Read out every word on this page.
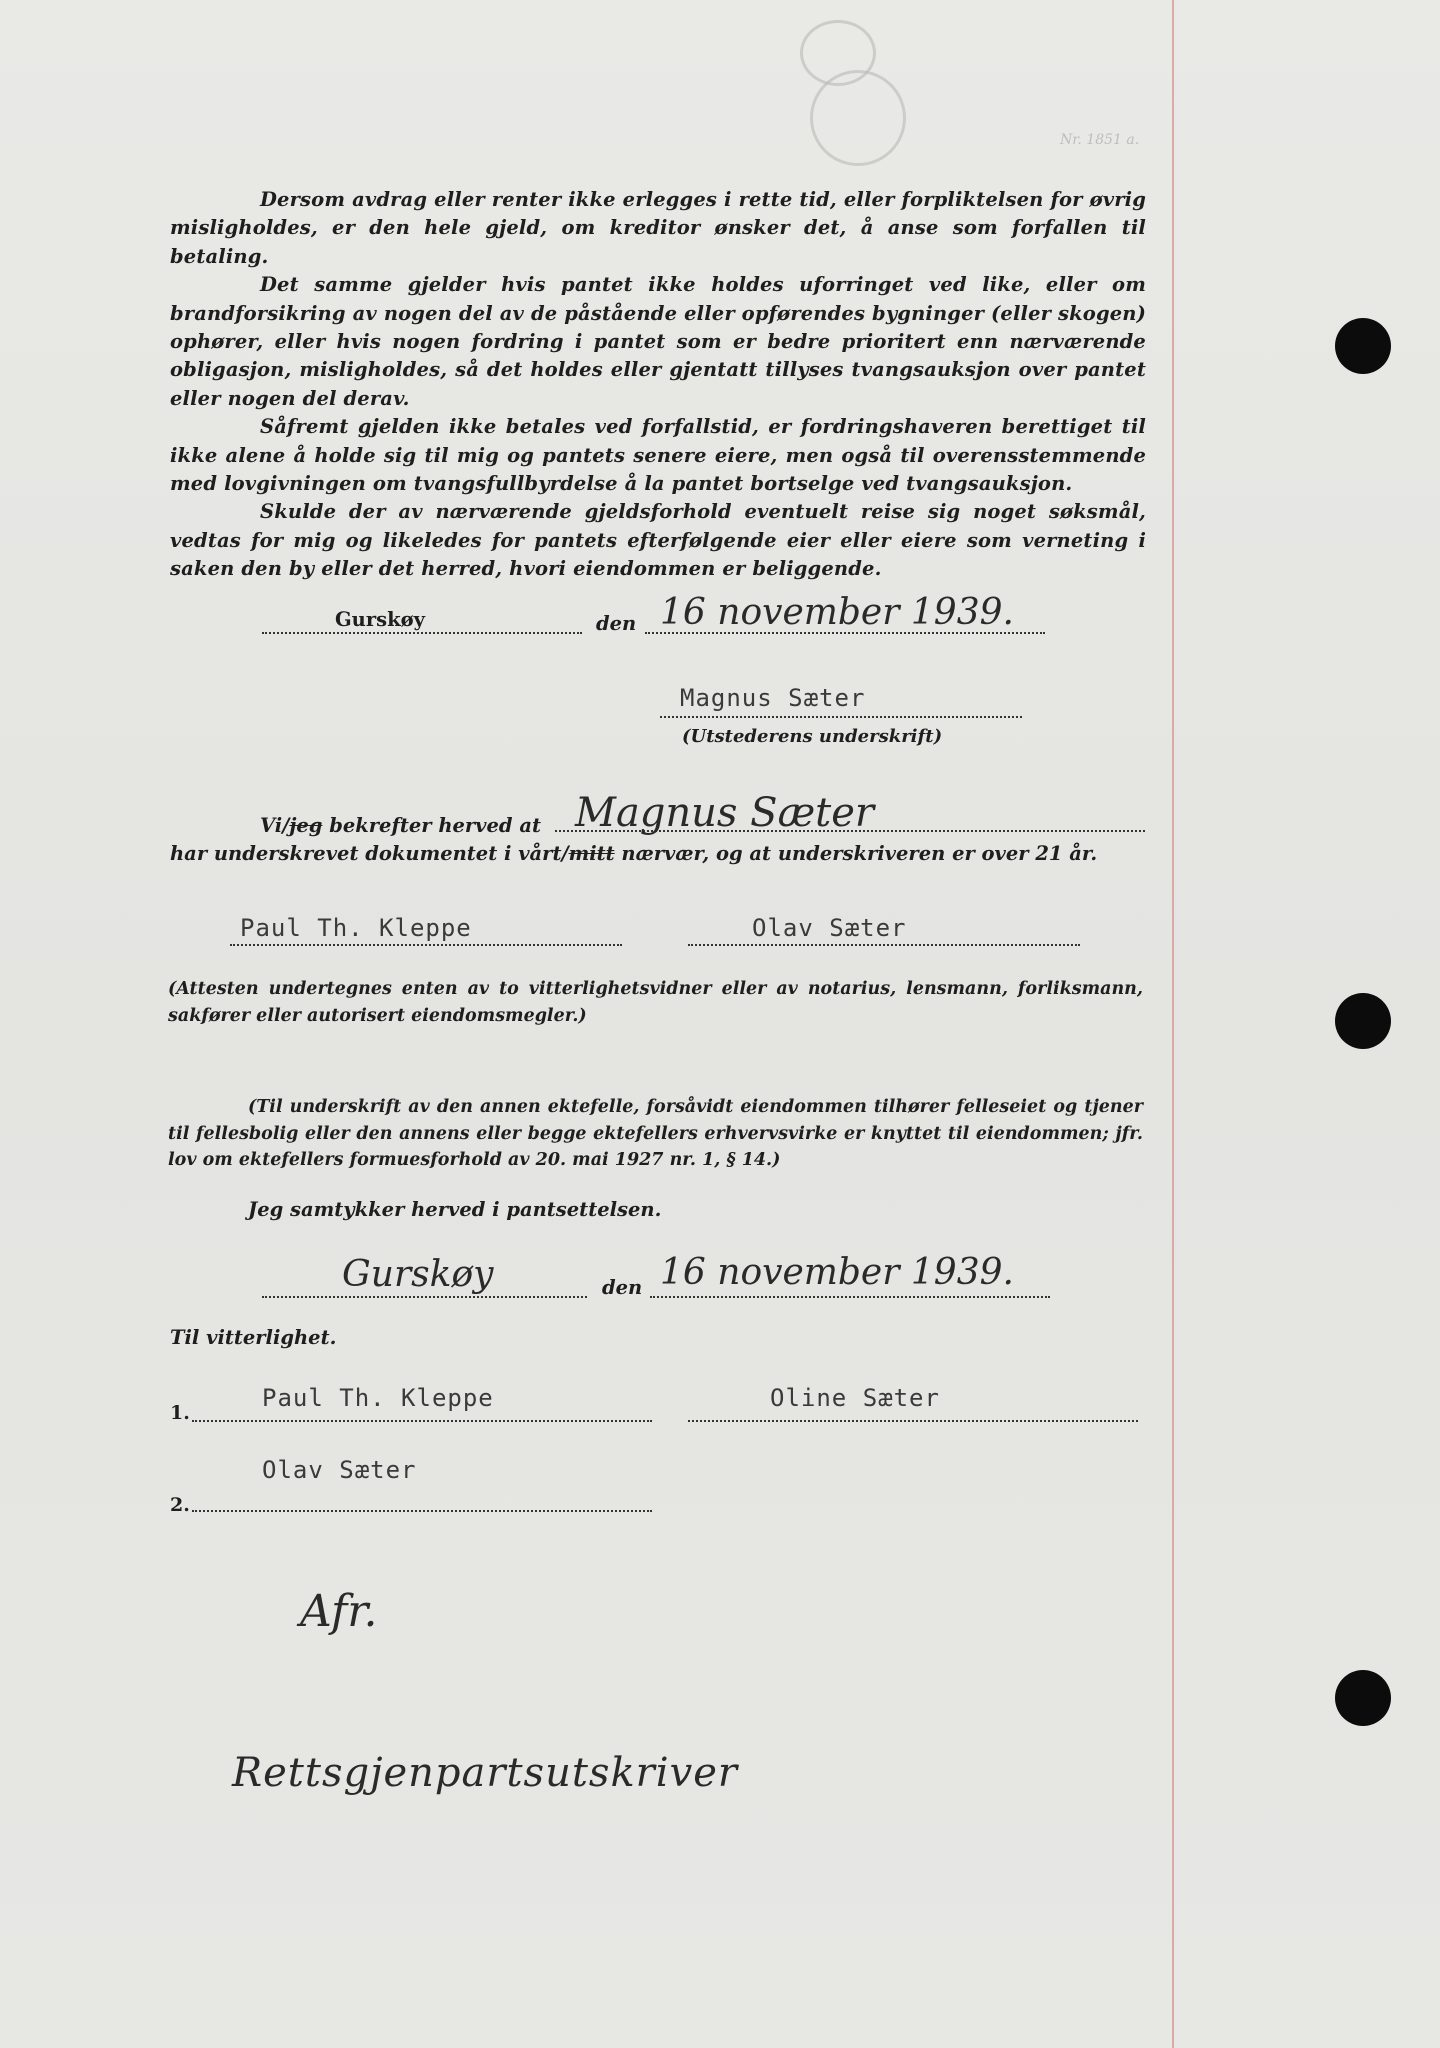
Nr. 1851 a.

Dersom avdrag eller renter ikke erlegges i rette tid, eller forpliktelsen for øvrig misligholdes, er den hele gjeld, om kreditor ønsker det, å anse som forfallen til betaling.

Det samme gjelder hvis pantet ikke holdes uforringet ved like, eller om brandforsikring av nogen del av de påstående eller opførendes bygninger (eller skogen) ophører, eller hvis nogen fordring i pantet som er bedre prioritert enn nærværende obligasjon, misligholdes, så det holdes eller gjentatt tillyses tvangsauksjon over pantet eller nogen del derav.

Såfremt gjelden ikke betales ved forfallstid, er fordringshaveren berettiget til ikke alene å holde sig til mig og pantets senere eiere, men også til overensstemmende med lovgivningen om tvangsfullbyrdelse å la pantet bortselge ved tvangsauksjon.

Skulde der av nærværende gjeldsforhold eventuelt reise sig noget søksmål, vedtas for mig og likeledes for pantets efterfølgende eier eller eiere som verneting i saken den by eller det herred, hvori eiendommen er beliggende.

Gurskøy	den 16 november 1939.
Magnus Sæter
(Utstederens underskrift)
Vi/jeg bekrefter herved at Magnus Sæter
har underskrevet dokumentet i vårt/mitt nærvær, og at underskriveren er over 21 år.
Paul Th. Kleppe	Olav Sæter

(Attesten undertegnes enten av to vitterlighetsvidner eller av notarius, lensmann, forliksmann, sakfører eller autorisert eiendomsmegler.)

(Til underskrift av den annen ektefelle, forsåvidt eiendommen tilhører felleseiet og tjener til fellesbolig eller den annens eller begge ektefellers erhvervsvirke er knyttet til eiendommen; jfr. lov om ektefellers formuesforhold av 20. mai 1927 nr. 1, § 14.)

Jeg samtykker herved i pantsettelsen.
Gurskøy	den 16 november 1939.
Til vitterlighet.
1.
Paul Th. Kleppe	Oline Sæter
2.
Olav Sæter
Afr.
Rettsgjenpartsutskriver
